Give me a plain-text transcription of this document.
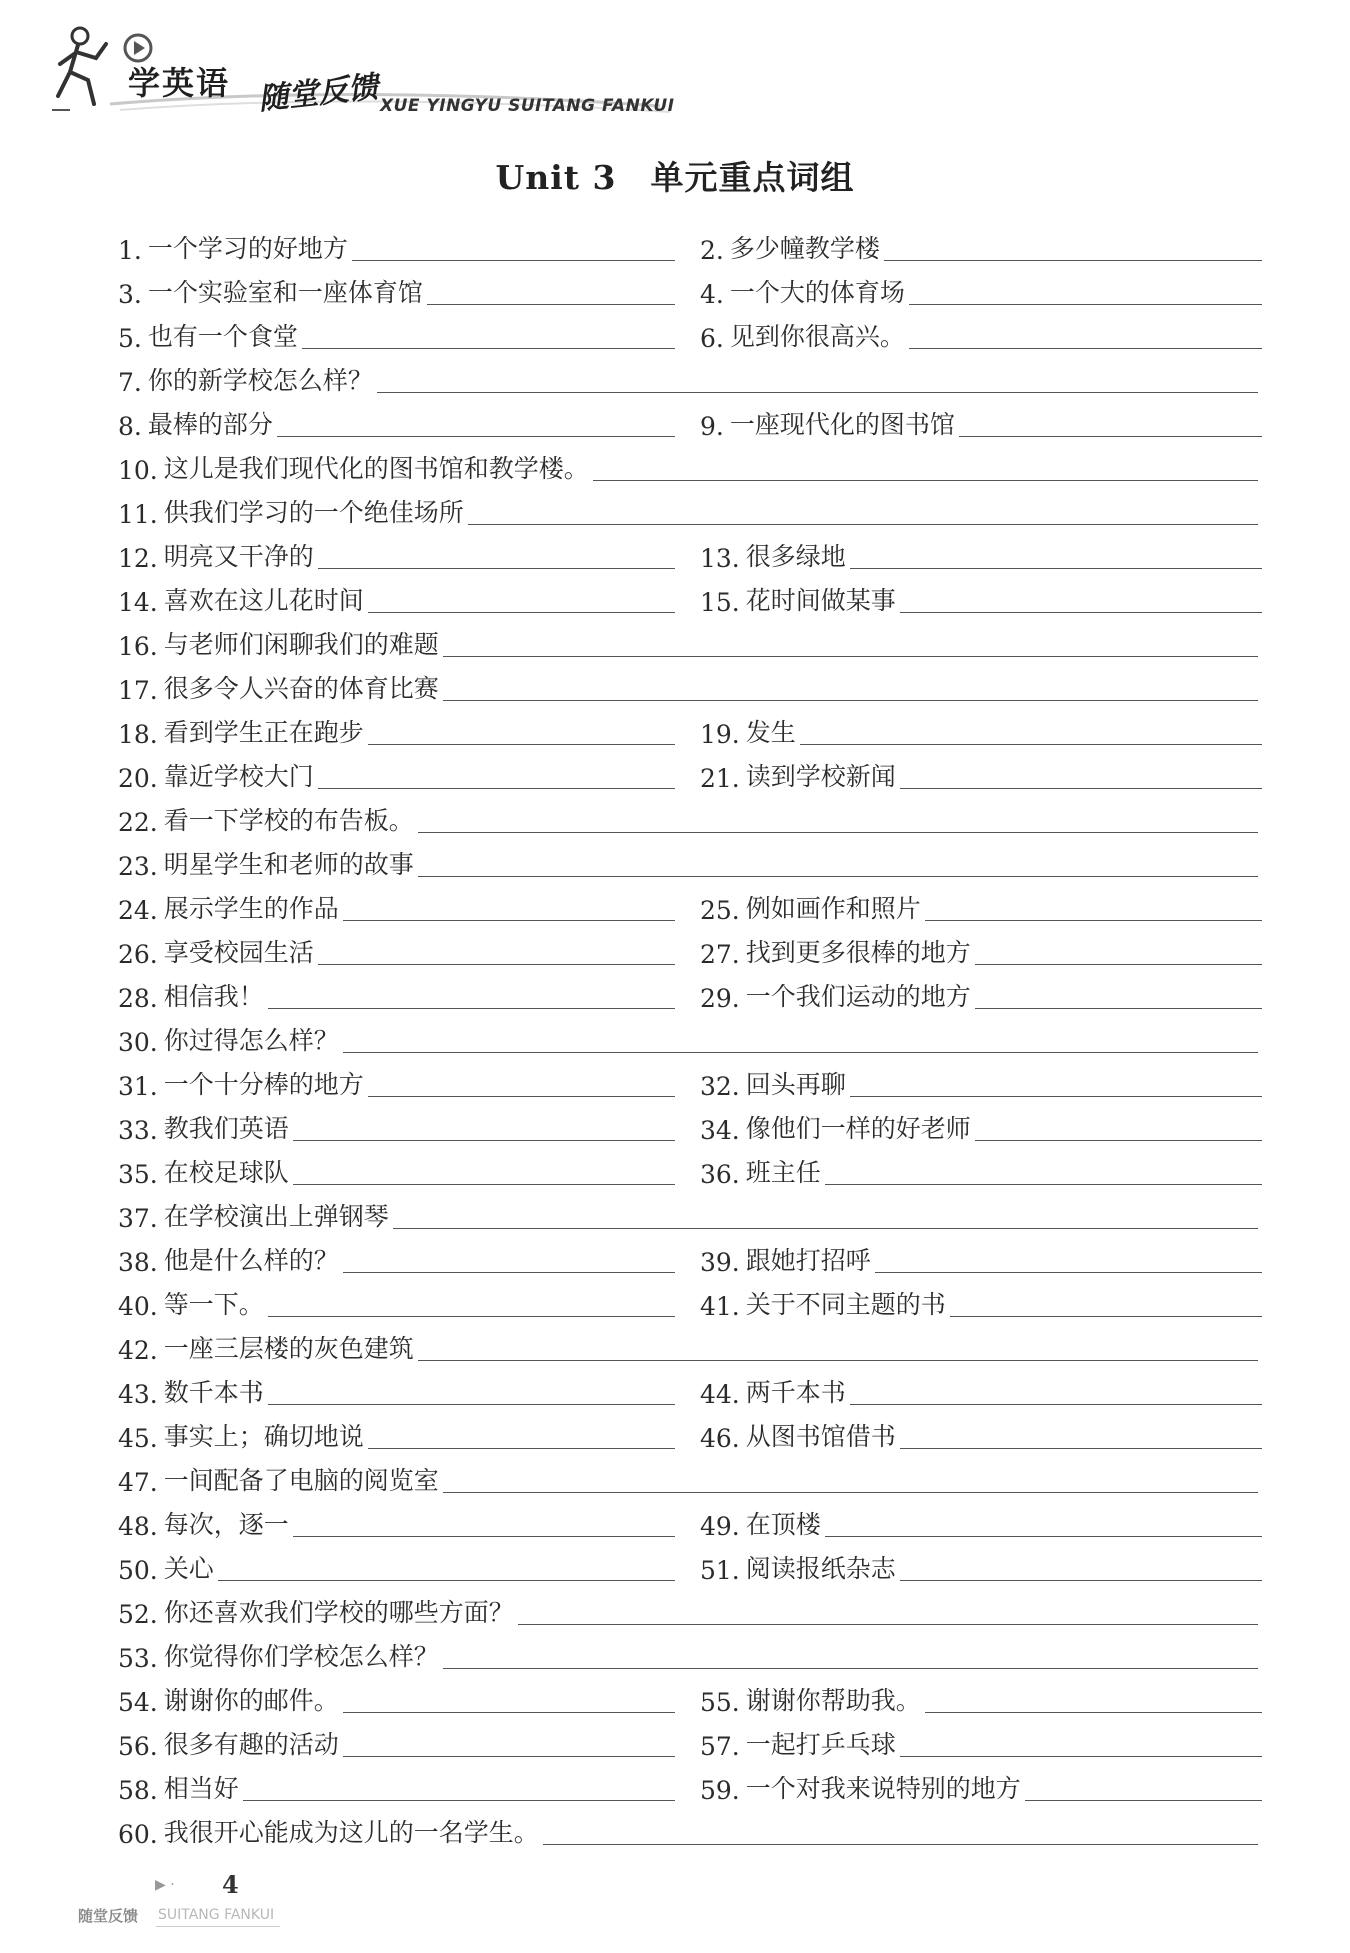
学英语 随堂反馈 XUE YINGYU SUITANG FANKUI
Unit 3　单元重点词组
1. 一个学习的好地方	2. 多少幢教学楼
3. 一个实验室和一座体育馆	4. 一个大的体育场
5. 也有一个食堂	6. 见到你很高兴。
7. 你的新学校怎么样？
8. 最棒的部分	9. 一座现代化的图书馆
10. 这儿是我们现代化的图书馆和教学楼。
11. 供我们学习的一个绝佳场所
12. 明亮又干净的	13. 很多绿地
14. 喜欢在这儿花时间	15. 花时间做某事
16. 与老师们闲聊我们的难题
17. 很多令人兴奋的体育比赛
18. 看到学生正在跑步	19. 发生
20. 靠近学校大门	21. 读到学校新闻
22. 看一下学校的布告板。
23. 明星学生和老师的故事
24. 展示学生的作品	25. 例如画作和照片
26. 享受校园生活	27. 找到更多很棒的地方
28. 相信我！	29. 一个我们运动的地方
30. 你过得怎么样？
31. 一个十分棒的地方	32. 回头再聊
33. 教我们英语	34. 像他们一样的好老师
35. 在校足球队	36. 班主任
37. 在学校演出上弹钢琴
38. 他是什么样的？	39. 跟她打招呼
40. 等一下。	41. 关于不同主题的书
42. 一座三层楼的灰色建筑
43. 数千本书	44. 两千本书
45. 事实上；确切地说	46. 从图书馆借书
47. 一间配备了电脑的阅览室
48. 每次，逐一	49. 在顶楼
50. 关心	51. 阅读报纸杂志
52. 你还喜欢我们学校的哪些方面？
53. 你觉得你们学校怎么样？
54. 谢谢你的邮件。	55. 谢谢你帮助我。
56. 很多有趣的活动	57. 一起打乒乓球
58. 相当好	59. 一个对我来说特别的地方
60. 我很开心能成为这儿的一名学生。
▶ · 4
随堂反馈 SUITANG FANKUI
